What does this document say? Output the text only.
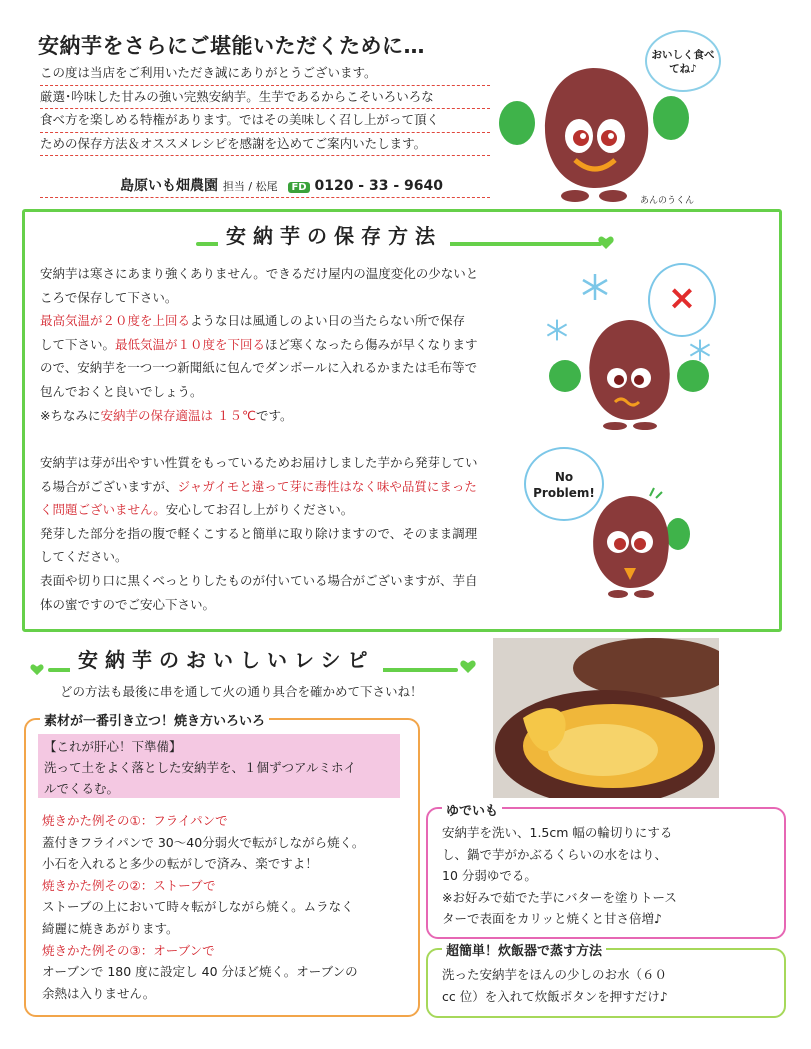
安納芋をさらにご堪能いただくために…
この度は当店をご利用いただき誠にありがとうございます。
厳選･吟味した甘みの強い完熟安納芋。生芋であるからこそいろいろな
食べ方を楽しめる特権があります。ではその美味しく召し上がって頂く
ための保存方法＆オススメレシピを感謝を込めてご案内いたします。
島原いも畑農園 担当 / 松尾 FD 0120 - 33 - 9640
おいしく食べてね♪
あんのうくん
安納芋の保存方法
安納芋は寒さにあまり強くありません。できるだけ屋内の温度変化の少ないと
ころで保存して下さい。
最高気温が２０度を上回るような日は風通しのよい日の当たらない所で保存
して下さい。最低気温が１０度を下回るほど寒くなったら傷みが早くなります
ので、安納芋を一つ一つ新聞紙に包んでダンボールに入れるかまたは毛布等で
包んでおくと良いでしょう。
※ちなみに安納芋の保存適温は １５℃です。
安納芋は芽が出やすい性質をもっているためお届けしました芋から発芽してい
る場合がございますが、ジャガイモと違って芽に毒性はなく味や品質にまった
く問題ございません。安心してお召し上がりください。
発芽した部分を指の腹で軽くこすると簡単に取り除けますので、そのまま調理
してください。
表面や切り口に黒くべっとりしたものが付いている場合がございますが、芋自
体の蜜ですのでご安心下さい。
×
No Problem!
安納芋のおいしいレシピ
どの方法も最後に串を通して火の通り具合を確かめて下さいね！
素材が一番引き立つ！焼き方いろいろ
【これが肝心！下準備】
洗って土をよく落とした安納芋を、１個ずつアルミホイ
ルでくるむ。
焼きかた例その①：フライパンで
蓋付きフライパンで 30〜40分弱火で転がしながら焼く。
小石を入れると多少の転がしで済み、楽ですよ！
焼きかた例その②：ストーブで
ストーブの上において時々転がしながら焼く。ムラなく
綺麗に焼きあがります。
焼きかた例その③：オーブンで
オーブンで 180 度に設定し 40 分ほど焼く。オーブンの
余熱は入りません。
ゆでいも
安納芋を洗い、1.5cm 幅の輪切りにする
し、鍋で芋がかぶるくらいの水をはり、
10 分弱ゆでる。
※お好みで茹でた芋にバターを塗りトース
ターで表面をカリッと焼くと甘さ倍増♪
超簡単！炊飯器で蒸す方法
洗った安納芋をほんの少しのお水（６０
cc 位）を入れて炊飯ボタンを押すだけ♪
